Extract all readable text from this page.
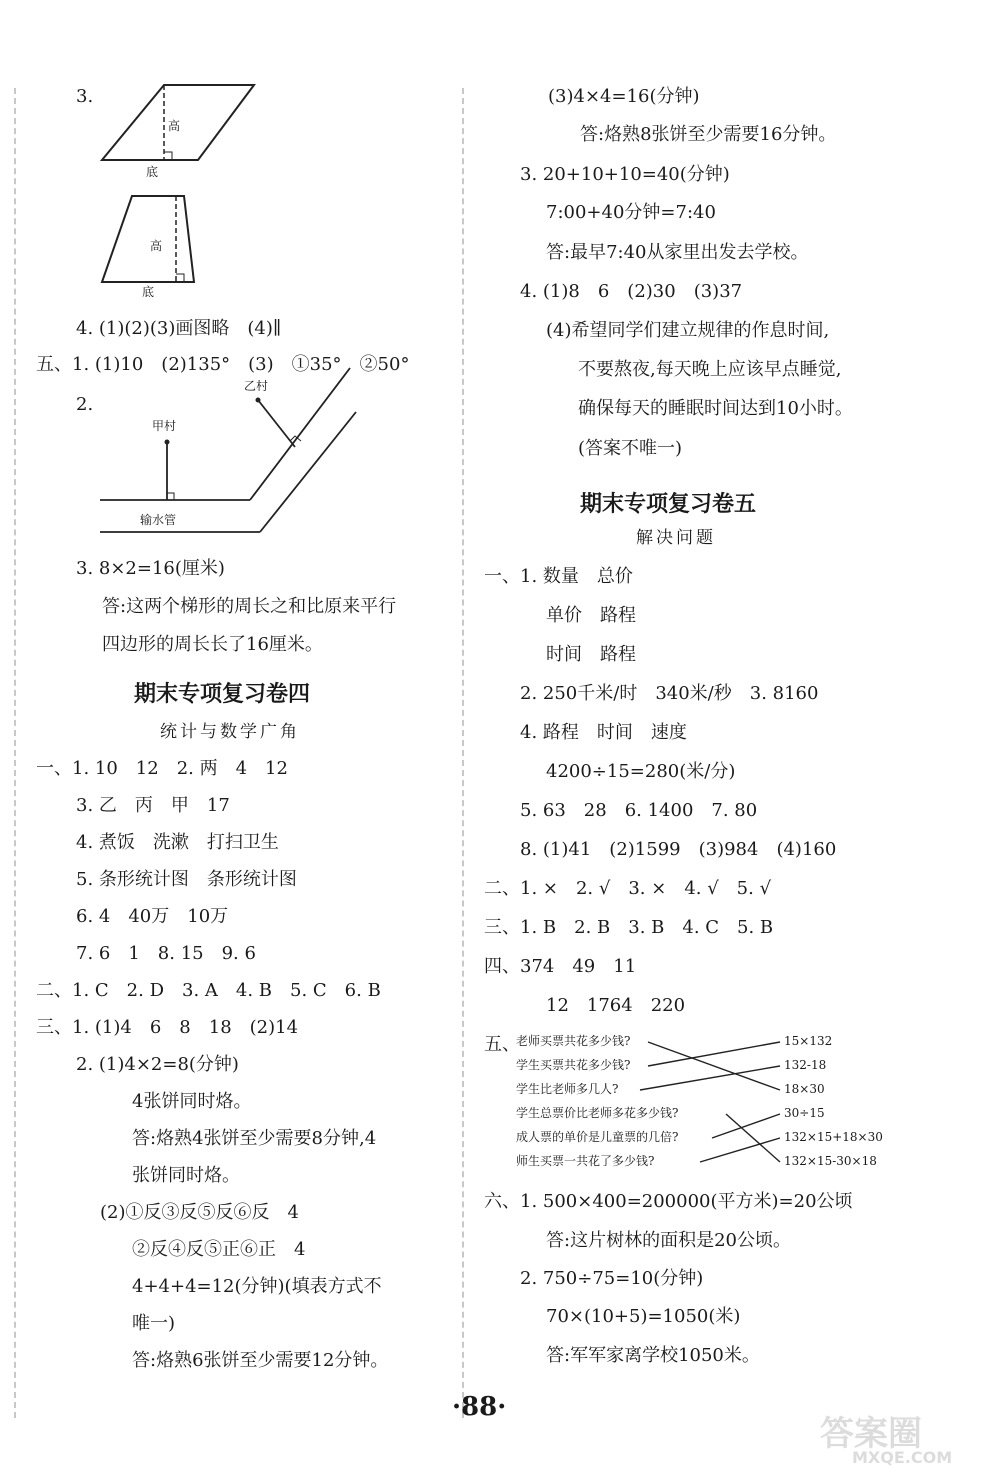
3.
高
底
高
底
4. (1)(2)(3)画图略　(4)∥
五、1. (1)10　(2)135°　(3)　①35°　②50°
2.
甲村
乙村
输水管
3. 8×2=16(厘米)
答:这两个梯形的周长之和比原来平行
四边形的周长长了16厘米。
期末专项复习卷四
统计与数学广角
一、1. 10　12　2. 两　4　12
3. 乙　丙　甲　17
4. 煮饭　洗漱　打扫卫生
5. 条形统计图　条形统计图
6. 4　40万　10万
7. 6　1　8. 15　9. 6
二、1. C　2. D　3. A　4. B　5. C　6. B
三、1. (1)4　6　8　18　(2)14
2. (1)4×2=8(分钟)
4张饼同时烙。
答:烙熟4张饼至少需要8分钟,4
张饼同时烙。
(2)①反③反⑤反⑥反　4
②反④反⑤正⑥正　4
4+4+4=12(分钟)(填表方式不
唯一)
答:烙熟6张饼至少需要12分钟。
(3)4×4=16(分钟)
答:烙熟8张饼至少需要16分钟。
3. 20+10+10=40(分钟)
7:00+40分钟=7:40
答:最早7:40从家里出发去学校。
4. (1)8　6　(2)30　(3)37
(4)希望同学们建立规律的作息时间,
不要熬夜,每天晚上应该早点睡觉,
确保每天的睡眠时间达到10小时。
(答案不唯一)
期末专项复习卷五
解决问题
一、1. 数量　总价
单价　路程
时间　路程
2. 250千米/时　340米/秒　3. 8160
4. 路程　时间　速度
4200÷15=280(米/分)
5. 63　28　6. 1400　7. 80
8. (1)41　(2)1599　(3)984　(4)160
二、1. ×　2. √　3. ×　4. √　5. √
三、1. B　2. B　3. B　4. C　5. B
四、374　49　11
12　1764　220
五、
老师买票共花多少钱?
学生买票共花多少钱?
学生比老师多几人?
学生总票价比老师多花多少钱?
成人票的单价是儿童票的几倍?
师生买票一共花了多少钱?
15×132
132-18
18×30
30÷15
132×15+18×30
132×15-30×18
六、1. 500×400=200000(平方米)=20公顷
答:这片树林的面积是20公顷。
2. 750÷75=10(分钟)
70×(10+5)=1050(米)
答:军军家离学校1050米。
·88·
答案圈
MXQE.COM
